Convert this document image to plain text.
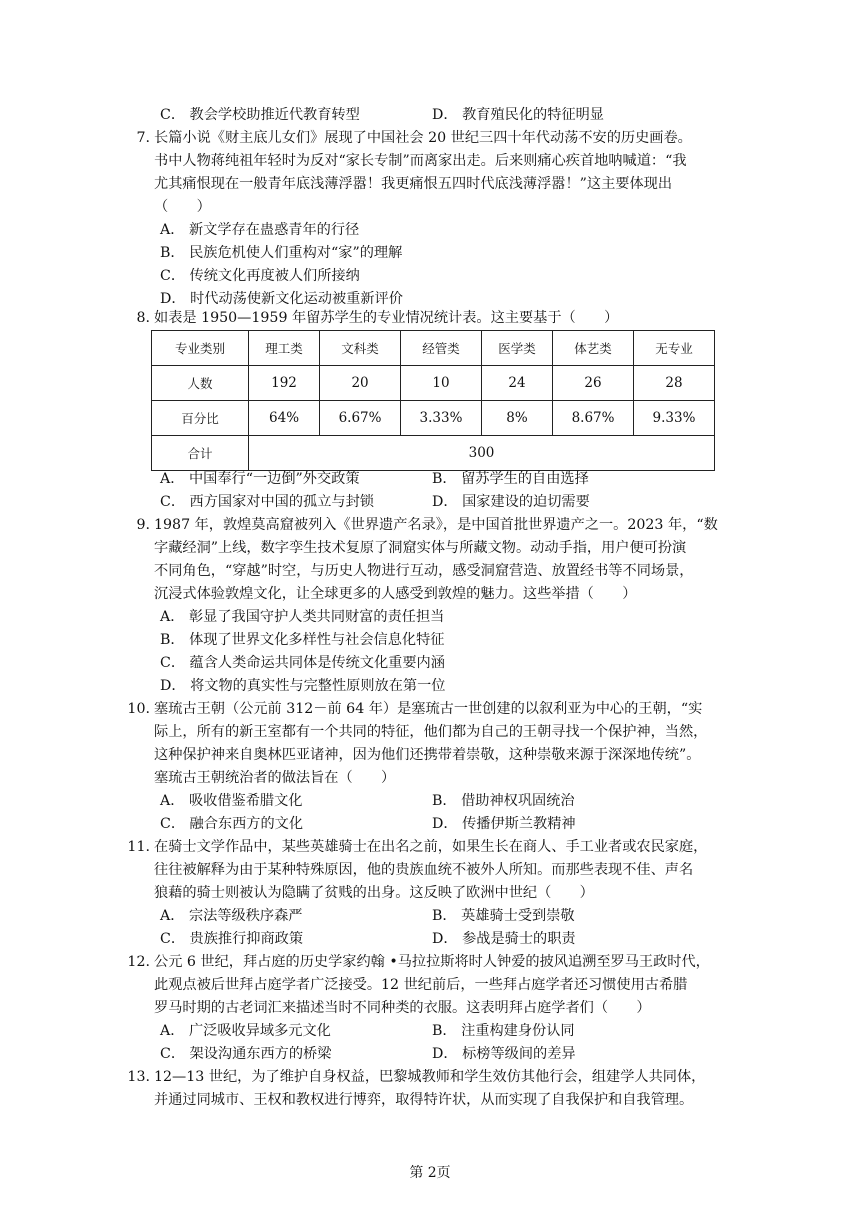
C． 教会学校助推近代教育转型	D． 教育殖民化的特征明显
7. 长篇小说《财主底儿女们》展现了中国社会 20 世纪三四十年代动荡不安的历史画卷。
书中人物蒋纯祖年轻时为反对“家长专制”而离家出走。后来则痛心疾首地呐喊道：“我
尤其痛恨现在一般青年底浅薄浮嚣！我更痛恨五四时代底浅薄浮嚣！”这主要体现出
（　　）
A． 新文学存在蛊惑青年的行径
B． 民族危机使人们重构对“家”的理解
C． 传统文化再度被人们所接纳
D． 时代动荡使新文化运动被重新评价
8. 如表是 1950—1959 年留苏学生的专业情况统计表。这主要基于（　　）
专业类别	理工类	文科类	经管类	医学类	体艺类	无专业
人数	192	20	10	24	26	28
百分比	64%	6.67%	3.33%	8%	8.67%	9.33%
合计	300					
A． 中国奉行“一边倒”外交政策	B． 留苏学生的自由选择
C． 西方国家对中国的孤立与封锁	D． 国家建设的迫切需要
9. 1987 年，敦煌莫高窟被列入《世界遗产名录》，是中国首批世界遗产之一。2023 年，“数
字藏经洞”上线，数字孪生技术复原了洞窟实体与所藏文物。动动手指，用户便可扮演
不同角色，“穿越”时空，与历史人物进行互动，感受洞窟营造、放置经书等不同场景，
沉浸式体验敦煌文化，让全球更多的人感受到敦煌的魅力。这些举措（　　）
A． 彰显了我国守护人类共同财富的责任担当
B． 体现了世界文化多样性与社会信息化特征
C． 蕴含人类命运共同体是传统文化重要内涵
D． 将文物的真实性与完整性原则放在第一位
10. 塞琉古王朝（公元前 312－前 64 年）是塞琉古一世创建的以叙利亚为中心的王朝，“实
际上，所有的新王室都有一个共同的特征，他们都为自己的王朝寻找一个保护神，当然，
这种保护神来自奥林匹亚诸神，因为他们还携带着崇敬，这种崇敬来源于深深地传统”。
塞琉古王朝统治者的做法旨在（　　）
A． 吸收借鉴希腊文化	B． 借助神权巩固统治
C． 融合东西方的文化	D． 传播伊斯兰教精神
11. 在骑士文学作品中，某些英雄骑士在出名之前，如果生长在商人、手工业者或农民家庭，
往往被解释为由于某种特殊原因，他的贵族血统不被外人所知。而那些表现不佳、声名
狼藉的骑士则被认为隐瞒了贫贱的出身。这反映了欧洲中世纪（　　）
A． 宗法等级秩序森严	B． 英雄骑士受到崇敬
C． 贵族推行抑商政策	D． 参战是骑士的职责
12. 公元 6 世纪，拜占庭的历史学家约翰 •马拉拉斯将时人钟爱的披风追溯至罗马王政时代，
此观点被后世拜占庭学者广泛接受。12 世纪前后，一些拜占庭学者还习惯使用古希腊
罗马时期的古老词汇来描述当时不同种类的衣服。这表明拜占庭学者们（　　）
A． 广泛吸收异域多元文化	B． 注重构建身份认同
C． 架设沟通东西方的桥梁	D． 标榜等级间的差异
13. 12—13 世纪，为了维护自身权益，巴黎城教师和学生效仿其他行会，组建学人共同体，
并通过同城市、王权和教权进行博弈，取得特许状，从而实现了自我保护和自我管理。
第 2页
